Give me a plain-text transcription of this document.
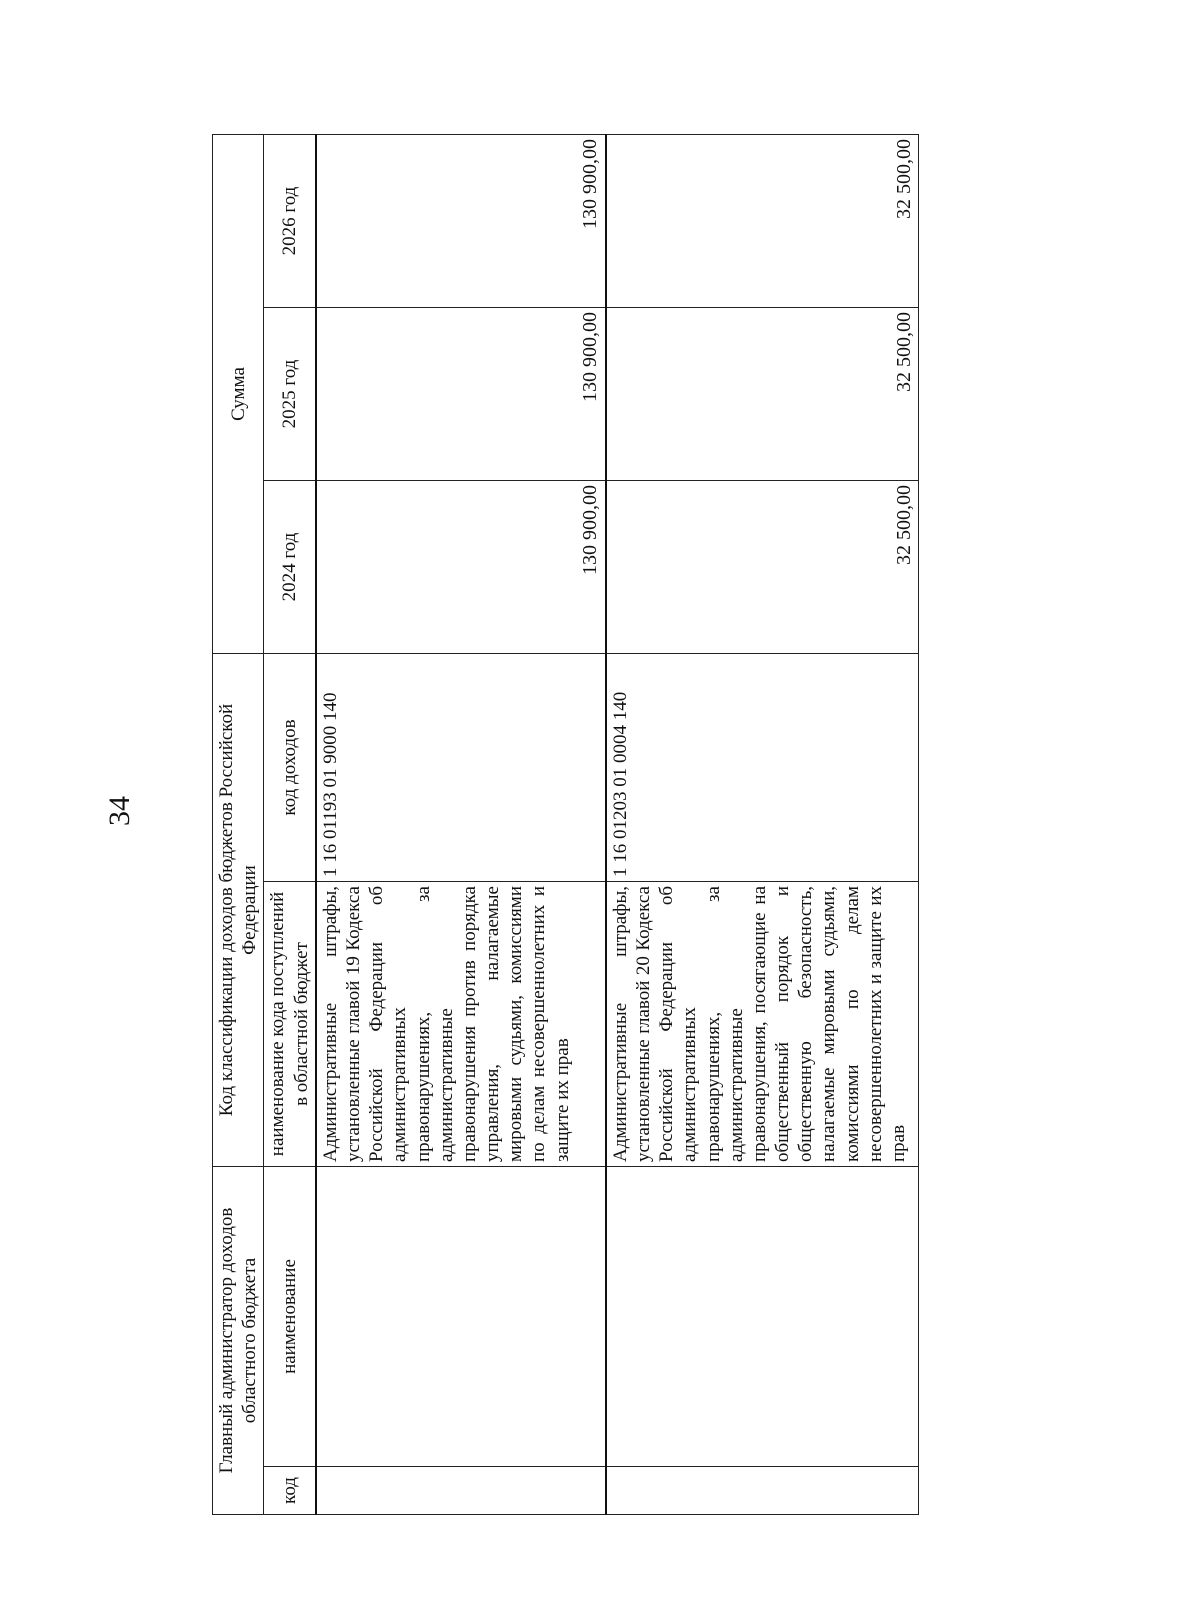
34
Главный администратор доходов областного бюджета		Код классификации доходов бюджетов Российской Федерации		Сумма		
код	наименование	наименование кода поступлений в областной бюджет	код доходов	2024 год	2025 год	2026 год
		Административные штрафы, установленные главой 19 Кодекса Российской Федерации об административных правонарушениях, за административные правонарушения против порядка управления, налагаемые мировыми судьями, комиссиями по делам несовершеннолетних и защите их прав	1 16 01193 01 9000 140	130 900,00	130 900,00	130 900,00
		Административные штрафы, установленные главой 20 Кодекса Российской Федерации об административных правонарушениях, за административные правонарушения, посягающие на общественный порядок и общественную безопасность, налагаемые мировыми судьями, комиссиями по делам несовершеннолетних и защите их прав	1 16 01203 01 0004 140	32 500,00	32 500,00	32 500,00
